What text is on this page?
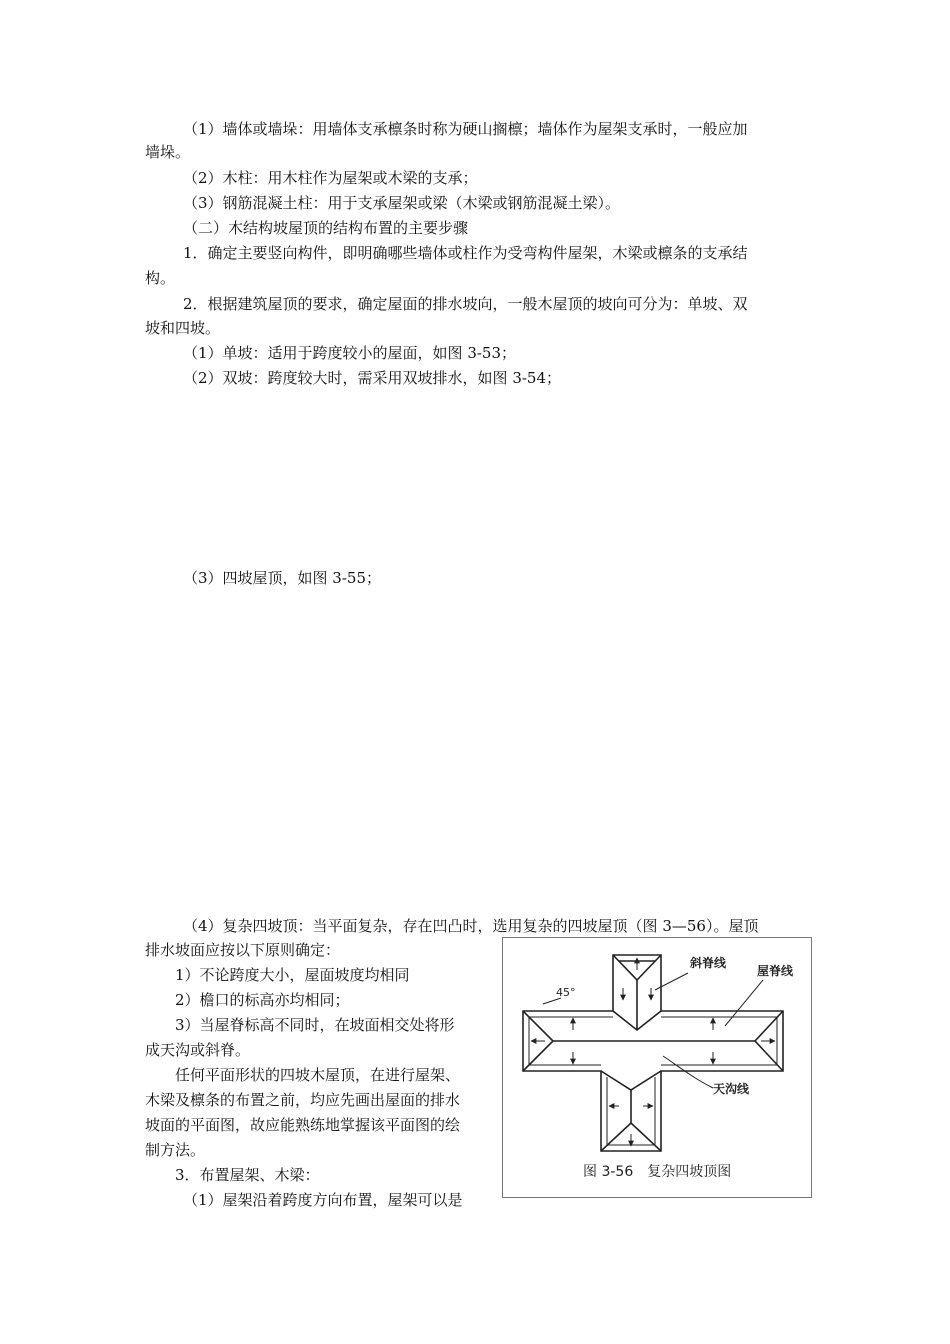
（1）墙体或墙垛：用墙体支承檩条时称为硬山搁檩；墙体作为屋架支承时，一般应加
墙垛。
（2）木柱：用木柱作为屋架或木梁的支承；
（3）钢筋混凝土柱：用于支承屋架或梁（木梁或钢筋混凝土梁）。
（二）木结构坡屋顶的结构布置的主要步骤
1．确定主要竖向构件，即明确哪些墙体或柱作为受弯构件屋架，木梁或檩条的支承结
构。
2．根据建筑屋顶的要求，确定屋面的排水坡向，一般木屋顶的坡向可分为：单坡、双
坡和四坡。
（1）单坡：适用于跨度较小的屋面，如图 3-53；
（2）双坡：跨度较大时，需采用双坡排水，如图 3-54；
（3）四坡屋顶，如图 3-55；
（4）复杂四坡顶：当平面复杂，存在凹凸时，选用复杂的四坡屋顶（图 3—56）。屋顶
排水坡面应按以下原则确定：
1）不论跨度大小，屋面坡度均相同
2）檐口的标高亦均相同；
3）当屋脊标高不同时，在坡面相交处将形
成天沟或斜脊。
任何平面形状的四坡木屋顶，在进行屋架、
木梁及檩条的布置之前，均应先画出屋面的排水
坡面的平面图，故应能熟练地掌握该平面图的绘
制方法。
3．布置屋架、木梁：
（1）屋架沿着跨度方向布置，屋架可以是
斜脊线
屋脊线
45°
天沟线
图 3-56　复杂四坡顶图
